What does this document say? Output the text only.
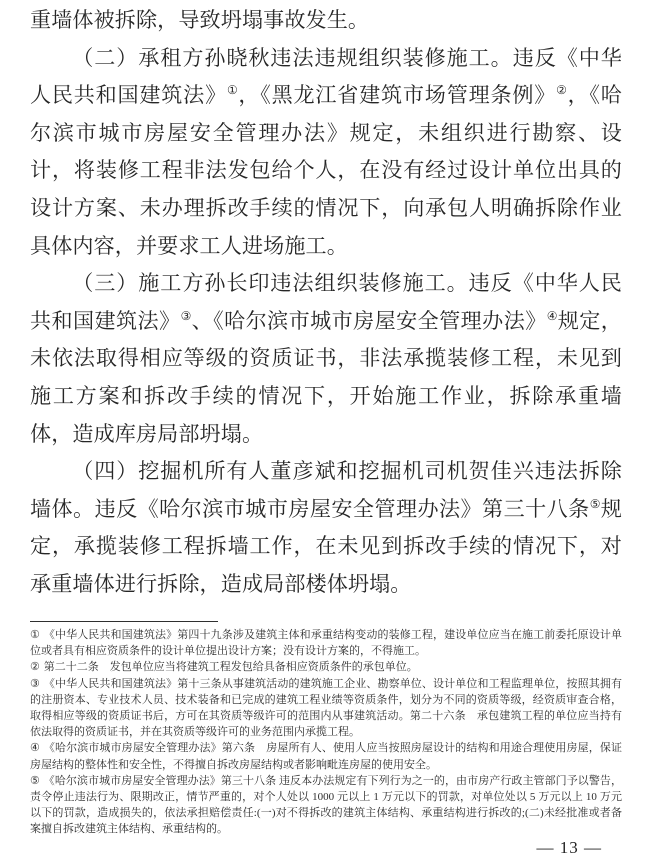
重墙体被拆除，导致坍塌事故发生。

（二）承租方孙晓秋违法违规组织装修施工。违反《中华人民共和国建筑法》①，《黑龙江省建筑市场管理条例》②，《哈尔滨市城市房屋安全管理办法》规定，未组织进行勘察、设计，将装修工程非法发包给个人，在没有经过设计单位出具的设计方案、未办理拆改手续的情况下，向承包人明确拆除作业具体内容，并要求工人进场施工。

（三）施工方孙长印违法组织装修施工。违反《中华人民共和国建筑法》③、《哈尔滨市城市房屋安全管理办法》④规定，未依法取得相应等级的资质证书，非法承揽装修工程，未见到施工方案和拆改手续的情况下，开始施工作业，拆除承重墙体，造成库房局部坍塌。

（四）挖掘机所有人董彦斌和挖掘机司机贺佳兴违法拆除墙体。违反《哈尔滨市城市房屋安全管理办法》第三十八条⑤规定，承揽装修工程拆墙工作，在未见到拆改手续的情况下，对承重墙体进行拆除，造成局部楼体坍塌。

① 《中华人民共和国建筑法》第四十九条涉及建筑主体和承重结构变动的装修工程，建设单位应当在施工前委托原设计单位或者具有相应资质条件的设计单位提出设计方案；没有设计方案的，不得施工。

② 第二十二条　发包单位应当将建筑工程发包给具备相应资质条件的承包单位。

③ 《中华人民共和国建筑法》第十三条从事建筑活动的建筑施工企业、勘察单位、设计单位和工程监理单位，按照其拥有的注册资本、专业技术人员、技术装备和已完成的建筑工程业绩等资质条件，划分为不同的资质等级，经资质审查合格，取得相应等级的资质证书后，方可在其资质等级许可的范围内从事建筑活动。第二十六条　承包建筑工程的单位应当持有依法取得的资质证书，并在其资质等级许可的业务范围内承揽工程。

④ 《哈尔滨市城市房屋安全管理办法》第六条　房屋所有人、使用人应当按照房屋设计的结构和用途合理使用房屋，保证房屋结构的整体性和安全性，不得擅自拆改房屋结构或者影响毗连房屋的使用安全。

⑤ 《哈尔滨市城市房屋安全管理办法》第三十八条 违反本办法规定有下列行为之一的，由市房产行政主管部门予以警告，责令停止违法行为、限期改正，情节严重的，对个人处以 1000 元以上 1 万元以下的罚款，对单位处以 5 万元以上 10 万元以下的罚款，造成损失的，依法承担赔偿责任:(一)对不得拆改的建筑主体结构、承重结构进行拆改的;(二)未经批准或者备案擅自拆改建筑主体结构、承重结构的。

— 13 —
